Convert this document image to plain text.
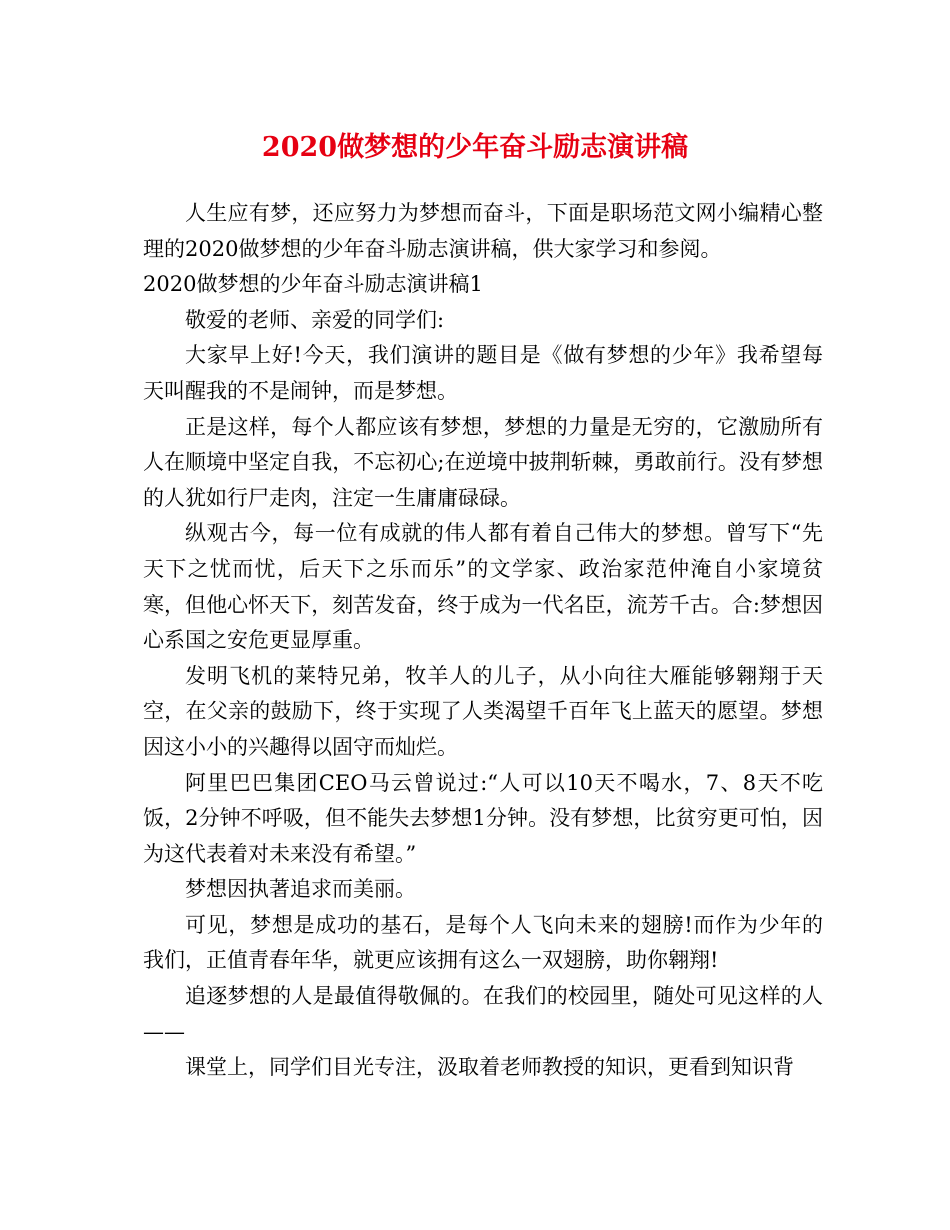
2020做梦想的少年奋斗励志演讲稿

人生应有梦，还应努力为梦想而奋斗，下面是职场范文网小编精心整理的2020做梦想的少年奋斗励志演讲稿，供大家学习和参阅。

2020做梦想的少年奋斗励志演讲稿1

敬爱的老师、亲爱的同学们:

大家早上好!今天，我们演讲的题目是《做有梦想的少年》我希望每天叫醒我的不是闹钟，而是梦想。

正是这样，每个人都应该有梦想，梦想的力量是无穷的，它激励所有人在顺境中坚定自我，不忘初心;在逆境中披荆斩棘，勇敢前行。没有梦想的人犹如行尸走肉，注定一生庸庸碌碌。

纵观古今，每一位有成就的伟人都有着自己伟大的梦想。曾写下“先天下之忧而忧，后天下之乐而乐”的文学家、政治家范仲淹自小家境贫寒，但他心怀天下，刻苦发奋，终于成为一代名臣，流芳千古。合:梦想因心系国之安危更显厚重。

发明飞机的莱特兄弟，牧羊人的儿子，从小向往大雁能够翱翔于天空，在父亲的鼓励下，终于实现了人类渴望千百年飞上蓝天的愿望。梦想因这小小的兴趣得以固守而灿烂。

阿里巴巴集团CEO马云曾说过:“人可以10天不喝水，7、8天不吃饭，2分钟不呼吸，但不能失去梦想1分钟。没有梦想，比贫穷更可怕，因为这代表着对未来没有希望。”

梦想因执著追求而美丽。

可见，梦想是成功的基石，是每个人飞向未来的翅膀!而作为少年的我们，正值青春年华，就更应该拥有这么一双翅膀，助你翱翔!

追逐梦想的人是最值得敬佩的。在我们的校园里，随处可见这样的人——

课堂上，同学们目光专注，汲取着老师教授的知识，更看到知识背
